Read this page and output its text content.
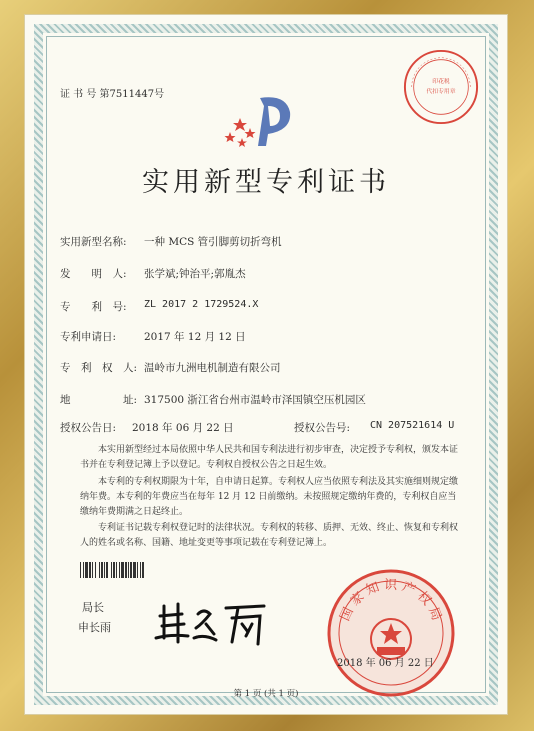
证 书 号 第7511447号
印花税
代扣专用章
实用新型专利证书
实用新型名称: 一种 MCS 管引脚剪切折弯机
发　　明　人: 张学斌;钟治平;郭胤杰
专　　利　号: ZL 2017 2 1729524.X
专利申请日:	2017 年 12 月 12 日
专　利　权　人: 温岭市九洲电机制造有限公司
地　　　　　址: 317500 浙江省台州市温岭市泽国镇空压机园区
授权公告日: 2018 年 06 月 22 日	授权公告号: CN 207521614 U
本实用新型经过本局依照中华人民共和国专利法进行初步审查，决定授予专利权，颁发本证书并在专利登记簿上予以登记。专利权自授权公告之日起生效。
本专利的专利权期限为十年，自申请日起算。专利权人应当依照专利法及其实施细则规定缴纳年费。本专利的年费应当在每年 12 月 12 日前缴纳。未按照规定缴纳年费的，专利权自应当缴纳年费期满之日起终止。
专利证书记载专利权登记时的法律状况。专利权的转移、质押、无效、终止、恢复和专利权人的姓名或名称、国籍、地址变更等事项记载在专利登记簿上。
局长
申长雨
国家知识产权局
2018 年 06 月 22 日
第 1 页 (共 1 页)
